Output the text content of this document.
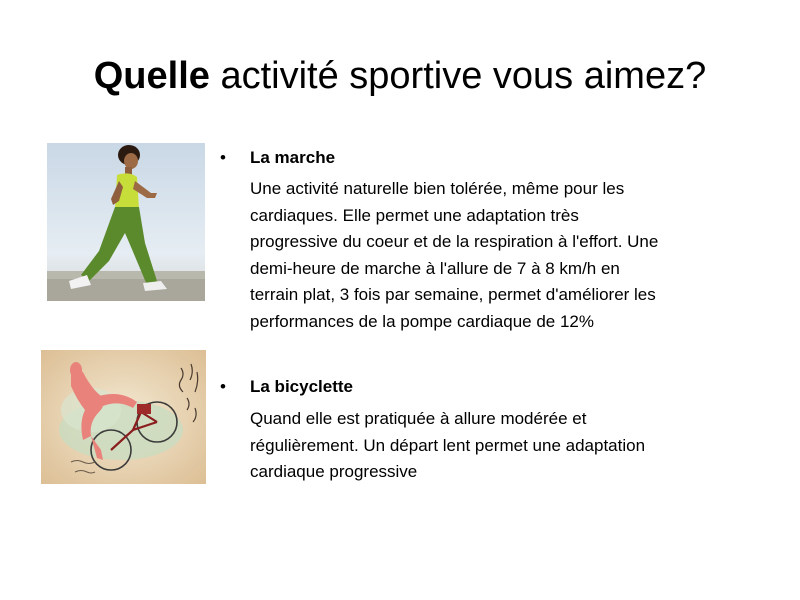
Quelle activité sportive vous aimez?
• La marche
Une activité naturelle bien tolérée, même pour les
cardiaques. Elle permet une adaptation très
progressive du coeur et de la respiration à l'effort. Une
demi-heure de marche à l'allure de 7 à 8 km/h en
terrain plat, 3 fois par semaine, permet d'améliorer les
performances de la pompe cardiaque de 12%
• La bicyclette
Quand elle est pratiquée à allure modérée et
régulièrement. Un départ lent permet une adaptation
cardiaque progressive
